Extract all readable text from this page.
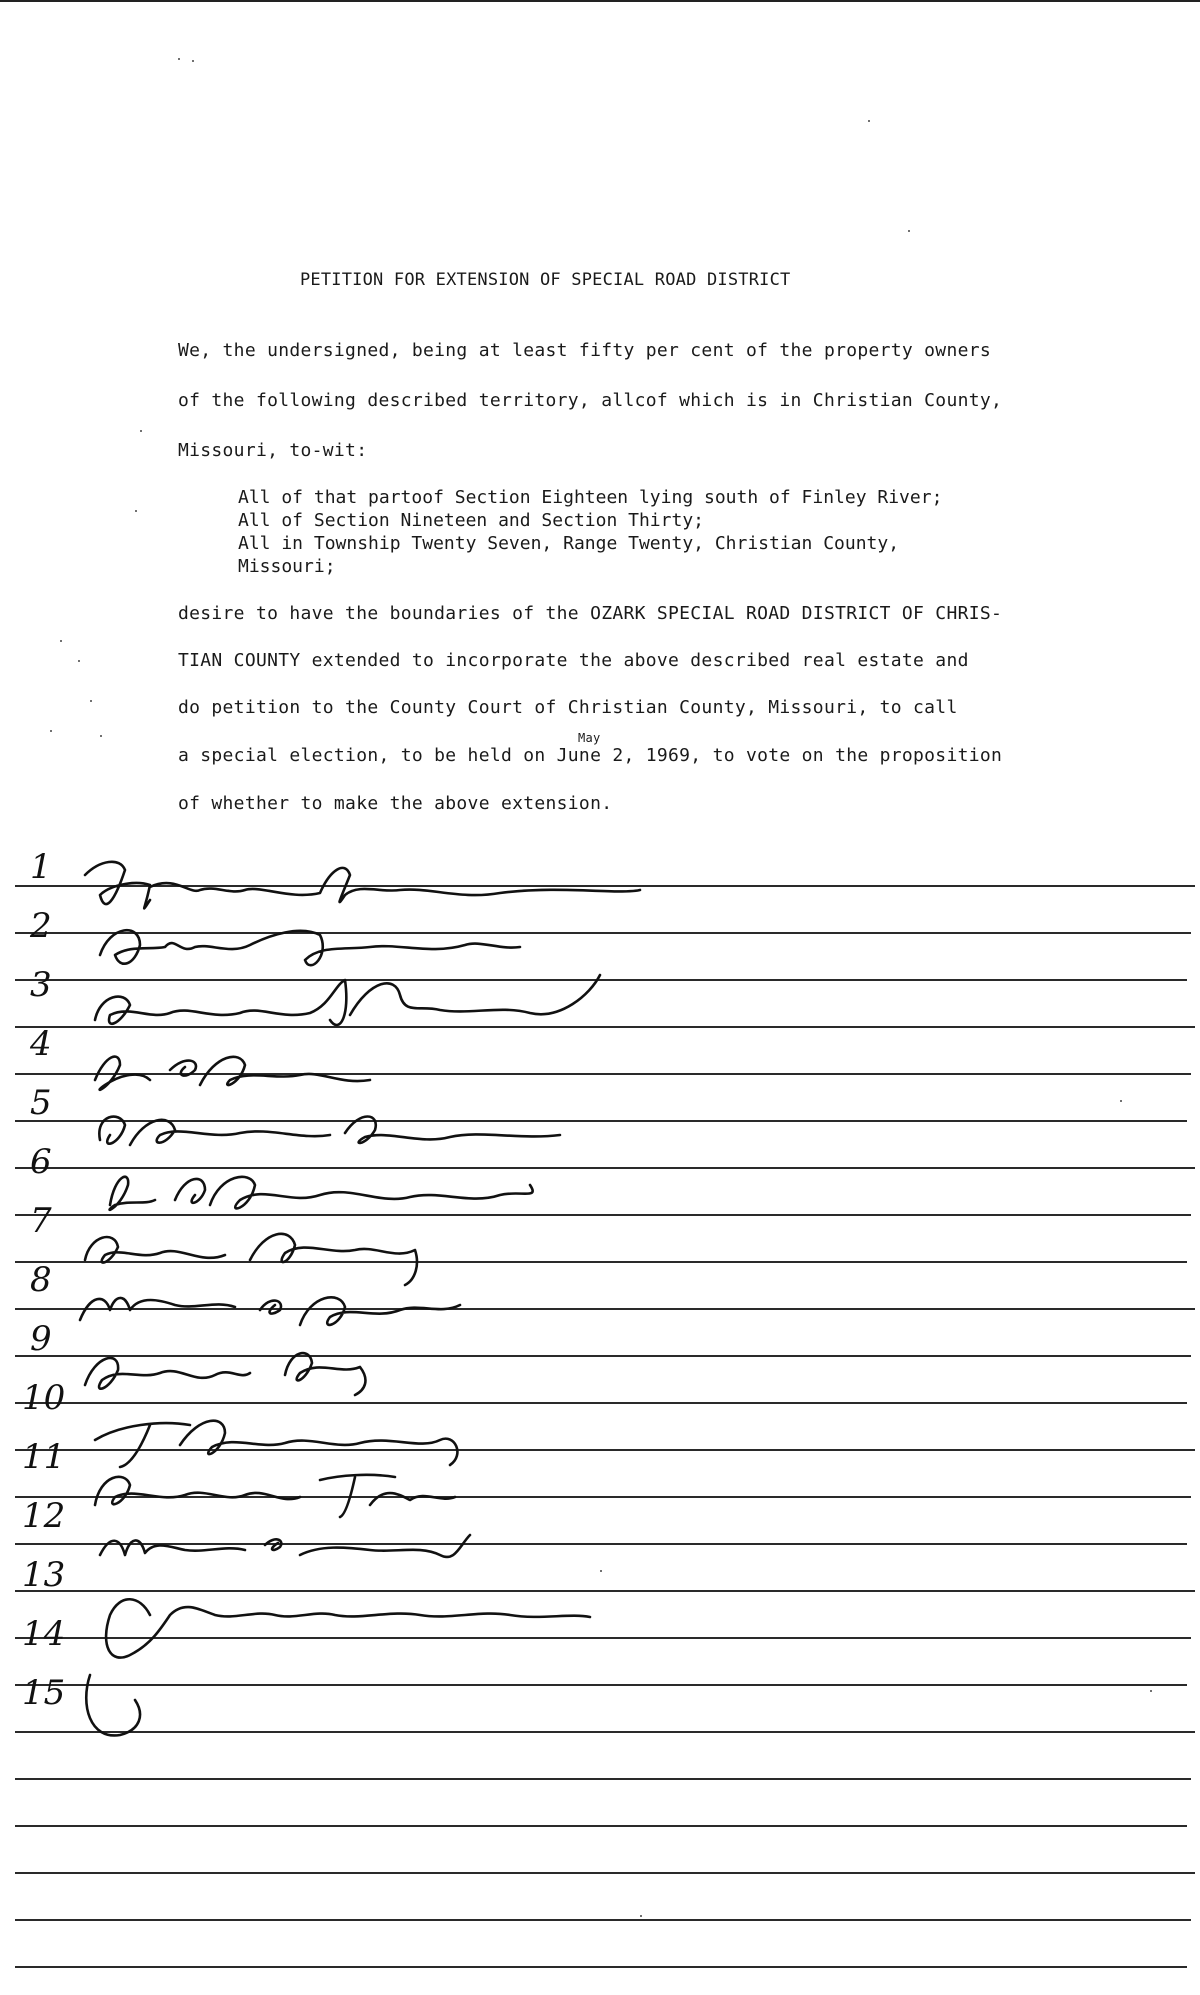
PETITION FOR EXTENSION OF SPECIAL ROAD DISTRICT
We, the undersigned, being at least fifty per cent of the property owners
of the following described territory, allcof which is in Christian County,
Missouri, to-wit:
All of that partoof Section Eighteen lying south of Finley River;
All of Section Nineteen and Section Thirty;
All in Township Twenty Seven, Range Twenty, Christian County,
Missouri;
desire to have the boundaries of the OZARK SPECIAL ROAD DISTRICT OF CHRIS-
TIAN COUNTY extended to incorporate the above described real estate and
do petition to the County Court of Christian County, Missouri, to call
a special election, to be held on June 2, 1969, to vote on the proposition
May
of whether to make the above extension.
1
2
3
4
5
6
7
8
9
10
11
12
13
14
15
